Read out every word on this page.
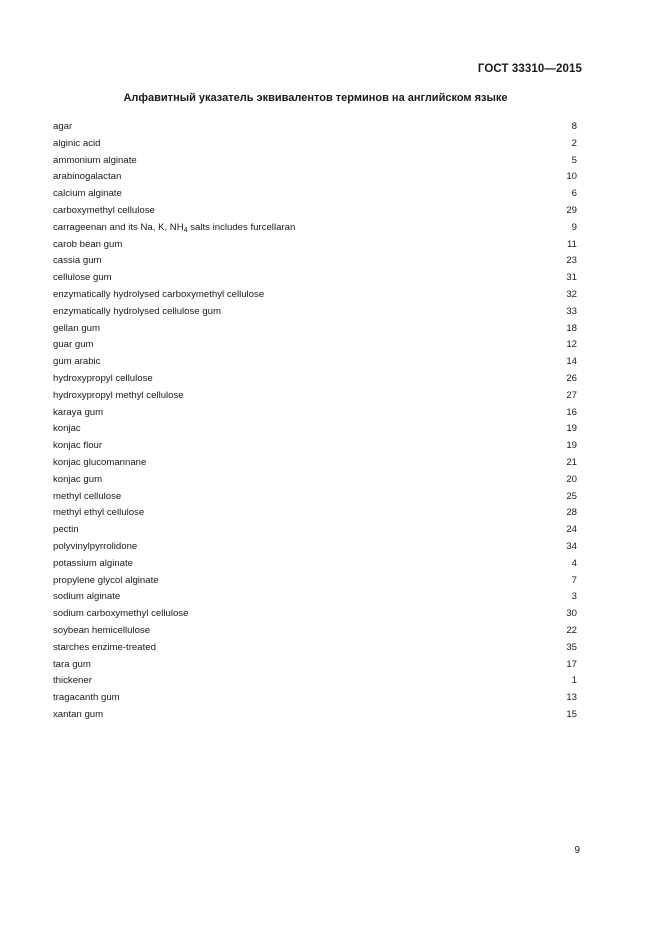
ГОСТ 33310—2015
Алфавитный указатель эквивалентов терминов на английском языке
agar	8
alginic acid	2
ammonium alginate	5
arabinogalactan	10
calcium alginate	6
carboxymethyl cellulose	29
carrageenan and its Na, K, $NH_4$ salts includes furcellaran	9
carob bean gum	11
cassia gum	23
cellulose gum	31
enzymatically hydrolysed carboxymethyl cellulose	32
enzymatically hydrolysed cellulose gum	33
gellan gum	18
guar gum	12
gum arabic	14
hydroxypropyl cellulose	26
hydroxypropyl methyl cellulose	27
karaya gum	16
konjac	19
konjac flour	19
konjac glucomannane	21
konjac gum	20
methyl cellulose	25
methyl ethyl cellulose	28
pectin	24
polyvinylpyrrolidone	34
potassium alginate	4
propylene glycol alginate	7
sodium alginate	3
sodium carboxymethyl cellulose	30
soybean hemicellulose	22
starches enzime-treated	35
tara gum	17
thickener	1
tragacanth gum	13
xantan gum	15
9
